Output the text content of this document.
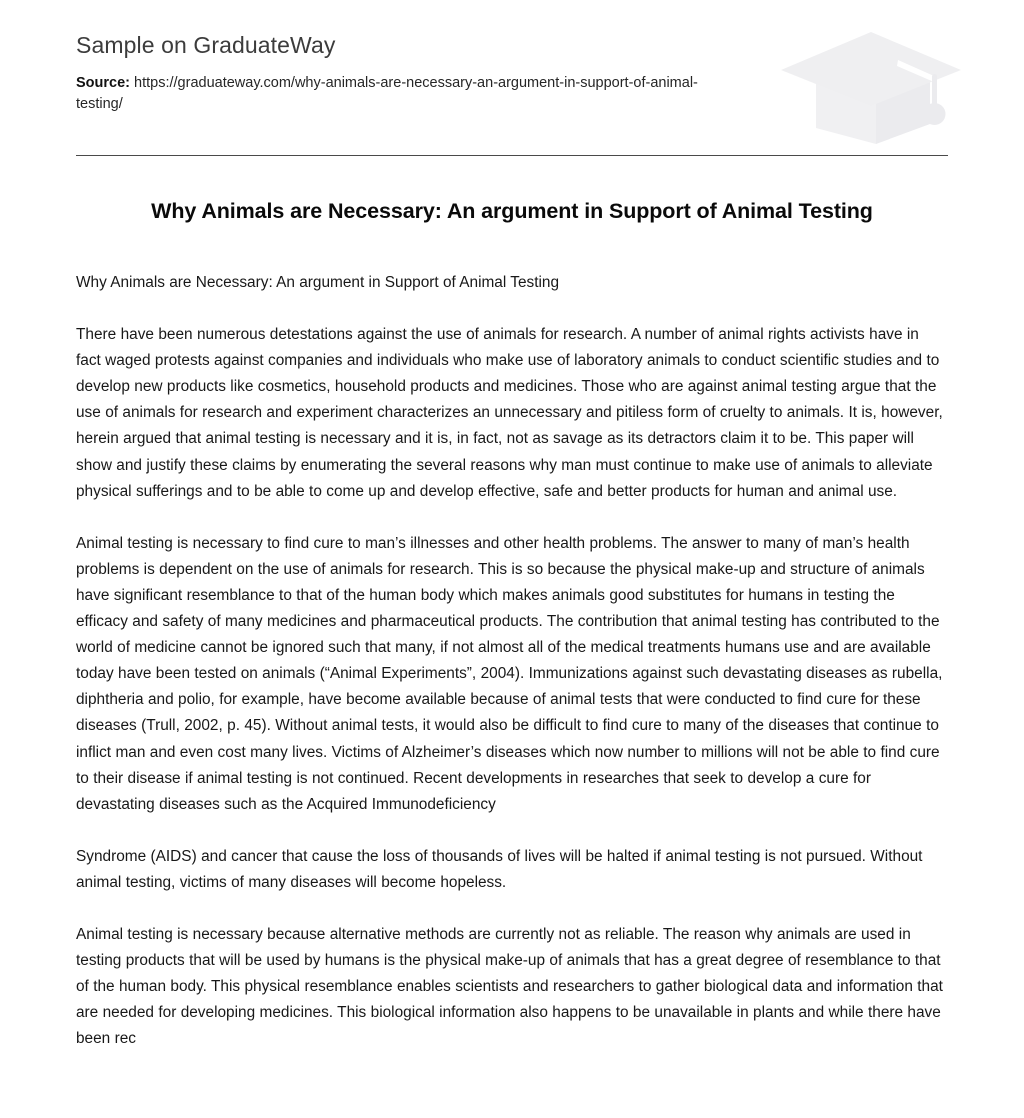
Sample on GraduateWay
Source: https://graduateway.com/why-animals-are-necessary-an-argument-in-support-of-animal-testing/
Why Animals are Necessary: An argument in Support of Animal Testing

Why Animals are Necessary: An argument in Support of Animal Testing

There have been numerous detestations against the use of animals for research. A number of animal rights activists have in fact waged protests against companies and individuals who make use of laboratory animals to conduct scientific studies and to develop new products like cosmetics, household products and medicines. Those who are against animal testing argue that the use of animals for research and experiment characterizes an unnecessary and pitiless form of cruelty to animals. It is, however, herein argued that animal testing is necessary and it is, in fact, not as savage as its detractors claim it to be. This paper will show and justify these claims by enumerating the several reasons why man must continue to make use of animals to alleviate physical sufferings and to be able to come up and develop effective, safe and better products for human and animal use.

Animal testing is necessary to find cure to man’s illnesses and other health problems. The answer to many of man’s health problems is dependent on the use of animals for research. This is so because the physical make-up and structure of animals have significant resemblance to that of the human body which makes animals good substitutes for humans in testing the efficacy and safety of many medicines and pharmaceutical products. The contribution that animal testing has contributed to the world of medicine cannot be ignored such that many, if not almost all of the medical treatments humans use and are available today have been tested on animals (“Animal Experiments”, 2004). Immunizations against such devastating diseases as rubella, diphtheria and polio, for example, have become available because of animal tests that were conducted to find cure for these diseases (Trull, 2002, p. 45). Without animal tests, it would also be difficult to find cure to many of the diseases that continue to inflict man and even cost many lives. Victims of Alzheimer’s diseases which now number to millions will not be able to find cure to their disease if animal testing is not continued. Recent developments in researches that seek to develop a cure for devastating diseases such as the Acquired Immunodeficiency

Syndrome (AIDS) and cancer that cause the loss of thousands of lives will be halted if animal testing is not pursued. Without animal testing, victims of many diseases will become hopeless.

Animal testing is necessary because alternative methods are currently not as reliable. The reason why animals are used in testing products that will be used by humans is the physical make-up of animals that has a great degree of resemblance to that of the human body. This physical resemblance enables scientists and researchers to gather biological data and information that are needed for developing medicines. This biological information also happens to be unavailable in plants and while there have been rec
